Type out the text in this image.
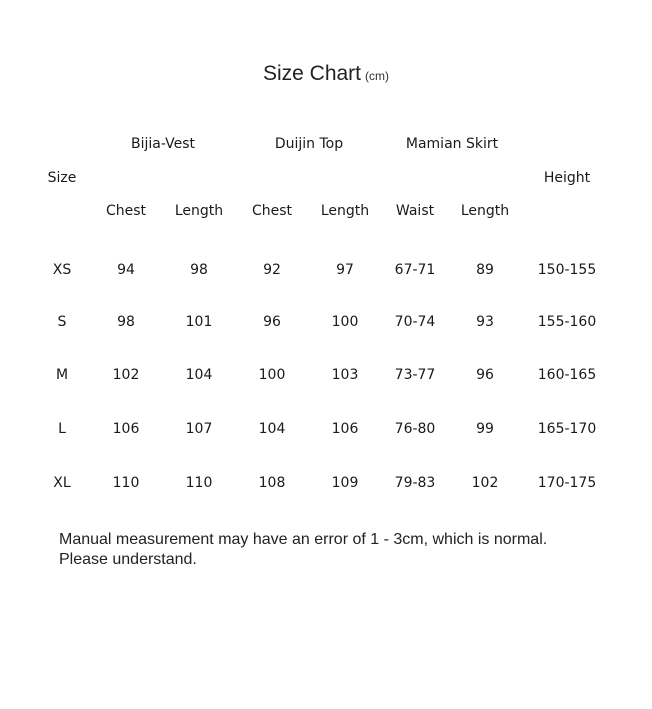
Size Chart (cm)
Bijia-Vest	Duijin Top	Mamian Skirt
Size	Height
Chest Length Chest Length Waist Length
XS	94	98	92	97	67-71	89	150-155
S	98	101	96	100	70-74	93	155-160
M	102	104	100	103	73-77	96	160-165
L	106	107	104	106	76-80	99	165-170
XL	110	110	108	109	79-83	102	170-175
Manual measurement may have an error of 1 - 3cm, which is normal.
Please understand.
